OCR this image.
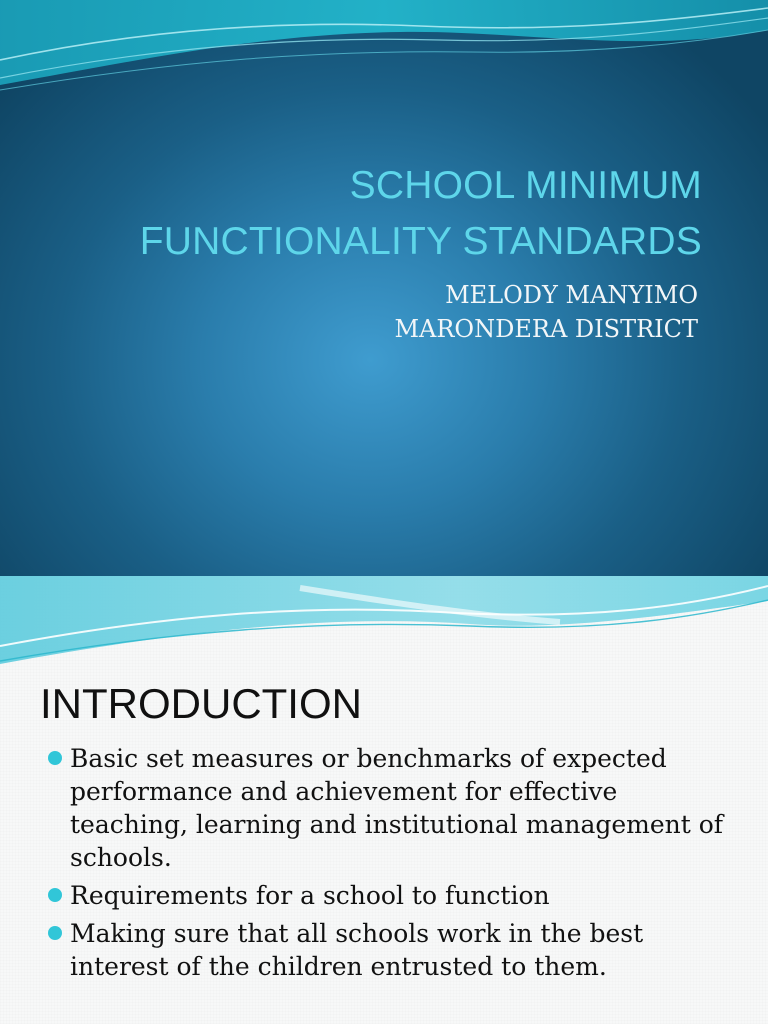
SCHOOL MINIMUM
FUNCTIONALITY STANDARDS
MELODY MANYIMO
MARONDERA DISTRICT
INTRODUCTION
Basic set measures or benchmarks of expected performance and achievement for effective teaching, learning and institutional management of schools.
Requirements for a school to function
Making sure that all schools work in the best interest of the children entrusted to them.
